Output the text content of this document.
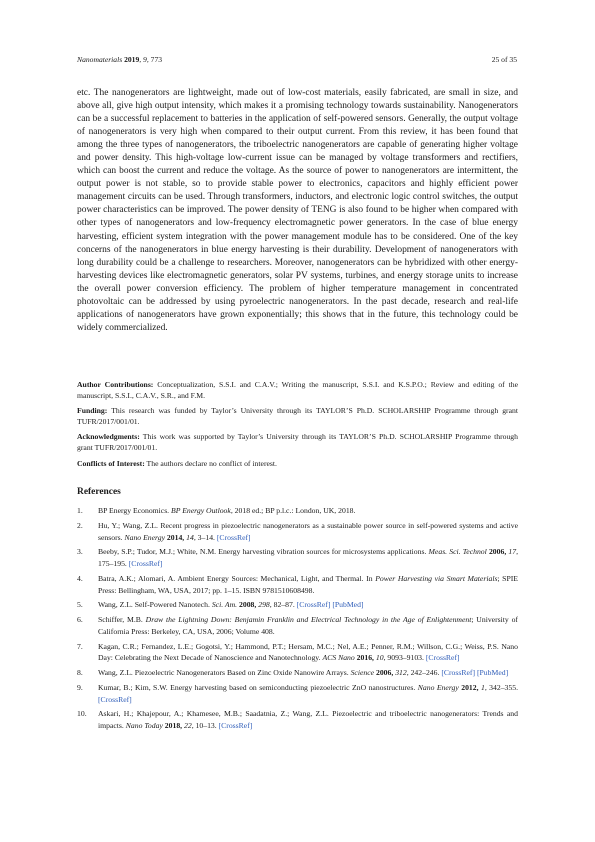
Nanomaterials 2019, 9, 773	25 of 35

etc. The nanogenerators are lightweight, made out of low-cost materials, easily fabricated, are small in size, and above all, give high output intensity, which makes it a promising technology towards sustainability. Nanogenerators can be a successful replacement to batteries in the application of self-powered sensors. Generally, the output voltage of nanogenerators is very high when compared to their output current. From this review, it has been found that among the three types of nanogenerators, the triboelectric nanogenerators are capable of generating higher voltage and power density. This high-voltage low-current issue can be managed by voltage transformers and rectifiers, which can boost the current and reduce the voltage. As the source of power to nanogenerators are intermittent, the output power is not stable, so to provide stable power to electronics, capacitors and highly efficient power management circuits can be used. Through transformers, inductors, and electronic logic control switches, the output power characteristics can be improved. The power density of TENG is also found to be higher when compared with other types of nanogenerators and low-frequency electromagnetic power generators. In the case of blue energy harvesting, efficient system integration with the power management module has to be considered. One of the key concerns of the nanogenerators in blue energy harvesting is their durability. Development of nanogenerators with long durability could be a challenge to researchers. Moreover, nanogenerators can be hybridized with other energy-harvesting devices like electromagnetic generators, solar PV systems, turbines, and energy storage units to increase the overall power conversion efficiency. The problem of higher temperature management in concentrated photovoltaic can be addressed by using pyroelectric nanogenerators. In the past decade, research and real-life applications of nanogenerators have grown exponentially; this shows that in the future, this technology could be widely commercialized.

Author Contributions: Conceptualization, S.S.I. and C.A.V.; Writing the manuscript, S.S.I. and K.S.P.O.; Review and editing of the manuscript, S.S.I., C.A.V., S.R., and F.M.

Funding: This research was funded by Taylor’s University through its TAYLOR’S Ph.D. SCHOLARSHIP Programme through grant TUFR/2017/001/01.

Acknowledgments: This work was supported by Taylor’s University through its TAYLOR’S Ph.D. SCHOLARSHIP Programme through grant TUFR/2017/001/01.

Conflicts of Interest: The authors declare no conflict of interest.

References
1. BP Energy Economics. BP Energy Outlook, 2018 ed.; BP p.l.c.: London, UK, 2018.
2. Hu, Y.; Wang, Z.L. Recent progress in piezoelectric nanogenerators as a sustainable power source in self-powered systems and active sensors. Nano Energy 2014, 14, 3–14. [CrossRef]
3. Beeby, S.P.; Tudor, M.J.; White, N.M. Energy harvesting vibration sources for microsystems applications. Meas. Sci. Technol 2006, 17, 175–195. [CrossRef]
4. Batra, A.K.; Alomari, A. Ambient Energy Sources: Mechanical, Light, and Thermal. In Power Harvesting via Smart Materials; SPIE Press: Bellingham, WA, USA, 2017; pp. 1–15. ISBN 9781510608498.
5. Wang, Z.L. Self-Powered Nanotech. Sci. Am. 2008, 298, 82–87. [CrossRef] [PubMed]
6. Schiffer, M.B. Draw the Lightning Down: Benjamin Franklin and Electrical Technology in the Age of Enlightenment; University of California Press: Berkeley, CA, USA, 2006; Volume 408.
7. Kagan, C.R.; Fernandez, L.E.; Gogotsi, Y.; Hammond, P.T.; Hersam, M.C.; Nel, A.E.; Penner, R.M.; Willson, C.G.; Weiss, P.S. Nano Day: Celebrating the Next Decade of Nanoscience and Nanotechnology. ACS Nano 2016, 10, 9093–9103. [CrossRef]
8. Wang, Z.L. Piezoelectric Nanogenerators Based on Zinc Oxide Nanowire Arrays. Science 2006, 312, 242–246. [CrossRef] [PubMed]
9. Kumar, B.; Kim, S.W. Energy harvesting based on semiconducting piezoelectric ZnO nanostructures. Nano Energy 2012, 1, 342–355. [CrossRef]
10. Askari, H.; Khajepour, A.; Khamesee, M.B.; Saadatnia, Z.; Wang, Z.L. Piezoelectric and triboelectric nanogenerators: Trends and impacts. Nano Today 2018, 22, 10–13. [CrossRef]
